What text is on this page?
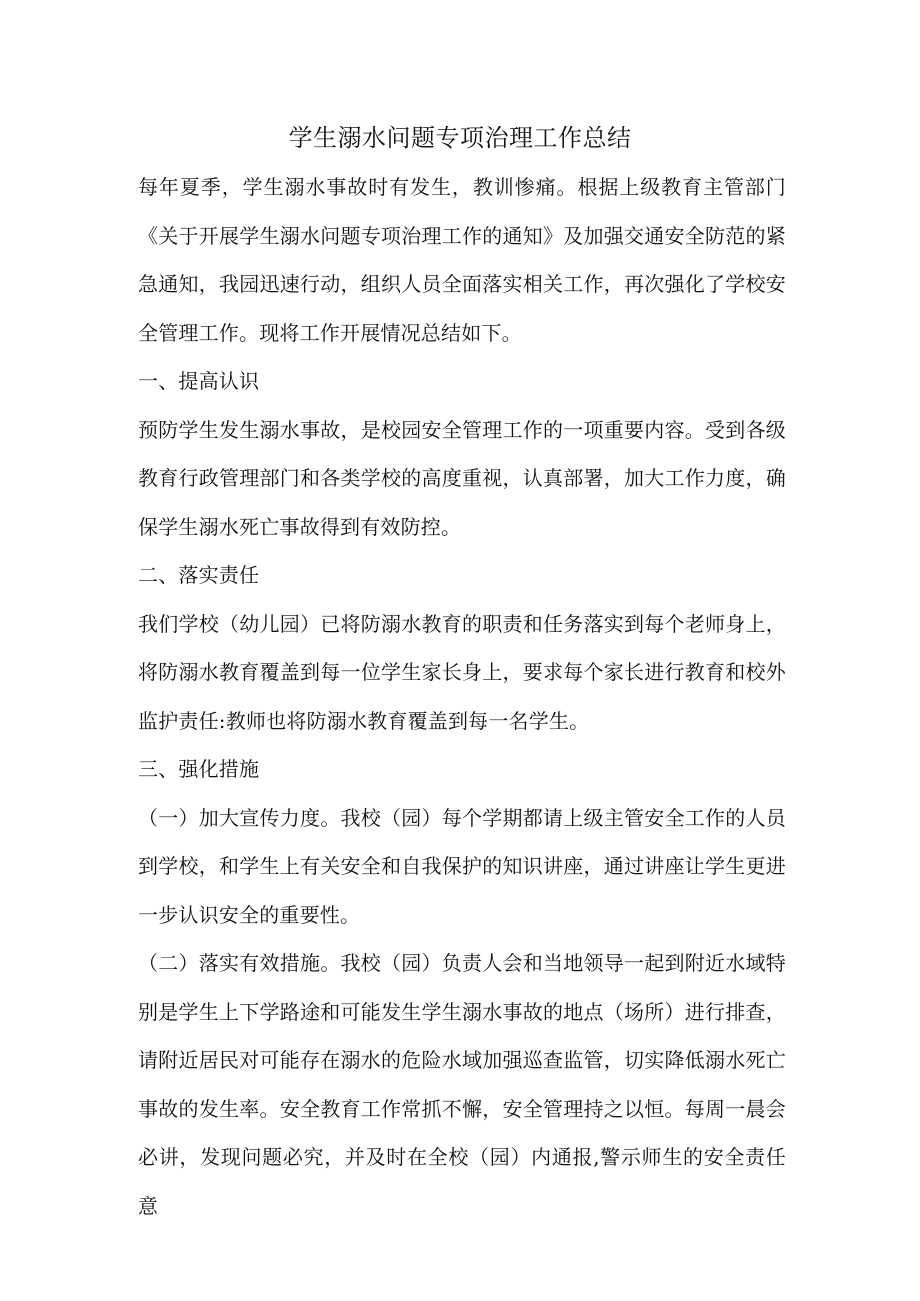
学生溺水问题专项治理工作总结

每年夏季，学生溺水事故时有发生，教训惨痛。根据上级教育主管部门《关于开展学生溺水问题专项治理工作的通知》及加强交通安全防范的紧急通知，我园迅速行动，组织人员全面落实相关工作，再次强化了学校安全管理工作。现将工作开展情况总结如下。

一、提高认识

预防学生发生溺水事故，是校园安全管理工作的一项重要内容。受到各级教育行政管理部门和各类学校的高度重视，认真部署，加大工作力度，确保学生溺水死亡事故得到有效防控。

二、落实责任

我们学校（幼儿园）已将防溺水教育的职责和任务落实到每个老师身上，将防溺水教育覆盖到每一位学生家长身上，要求每个家长进行教育和校外监护责任:教师也将防溺水教育覆盖到每一名学生。

三、强化措施

（一）加大宣传力度。我校（园）每个学期都请上级主管安全工作的人员到学校，和学生上有关安全和自我保护的知识讲座，通过讲座让学生更进一步认识安全的重要性。

（二）落实有效措施。我校（园）负责人会和当地领导一起到附近水域特别是学生上下学路途和可能发生学生溺水事故的地点（场所）进行排查，请附近居民对可能存在溺水的危险水域加强巡查监管，切实降低溺水死亡事故的发生率。安全教育工作常抓不懈，安全管理持之以恒。每周一晨会必讲，发现问题必究，并及时在全校（园）内通报,警示师生的安全责任意
